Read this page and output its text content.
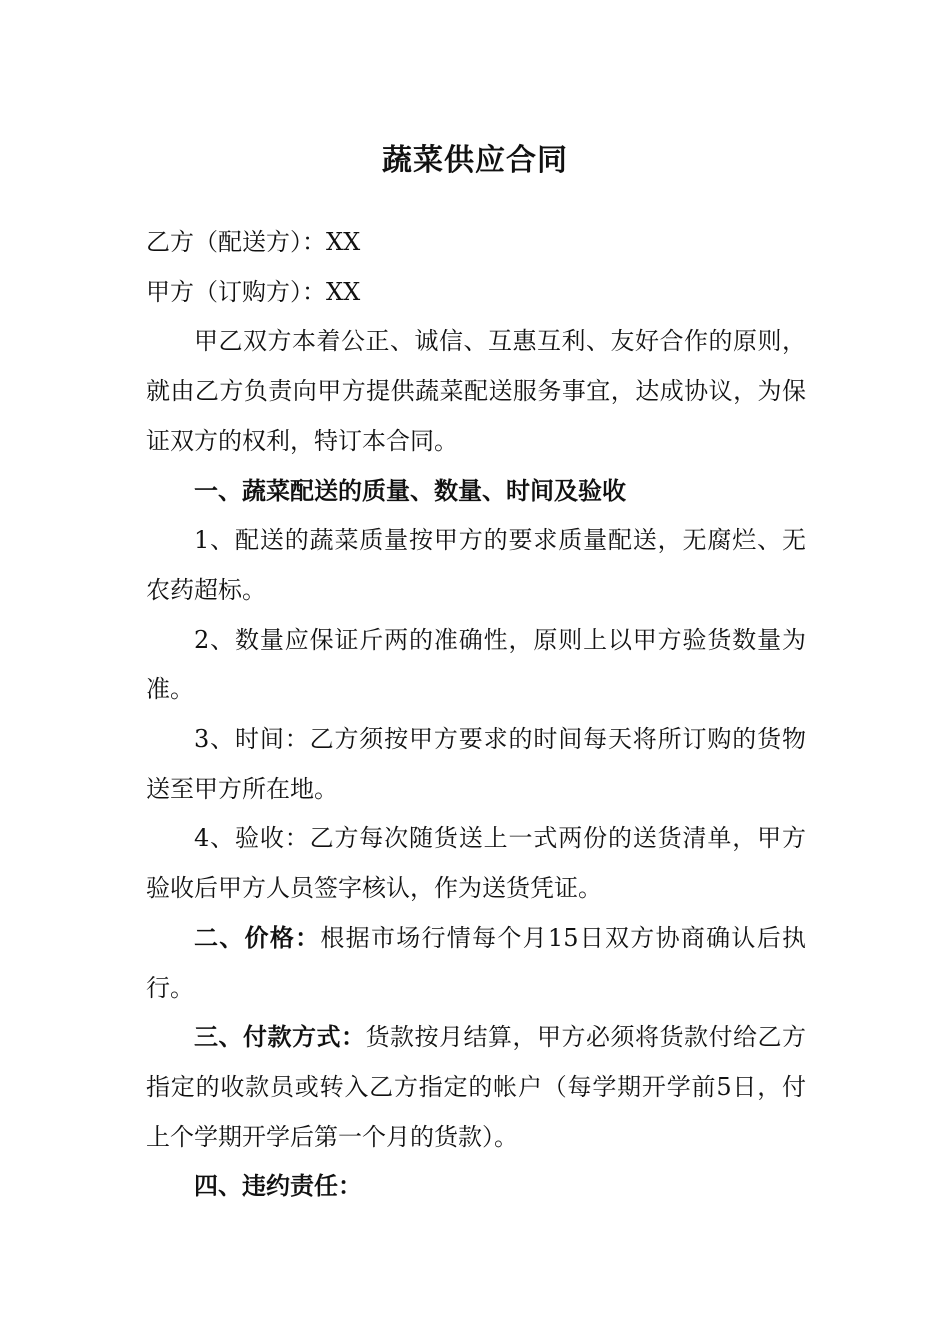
蔬菜供应合同

乙方（配送方）：XX

甲方（订购方）：XX

甲乙双方本着公正、诚信、互惠互利、友好合作的原则，就由乙方负责向甲方提供蔬菜配送服务事宜，达成协议，为保证双方的权利，特订本合同。

一、蔬菜配送的质量、数量、时间及验收

1、配送的蔬菜质量按甲方的要求质量配送，无腐烂、无农药超标。

2、数量应保证斤两的准确性，原则上以甲方验货数量为准。

3、时间：乙方须按甲方要求的时间每天将所订购的货物送至甲方所在地。

4、验收：乙方每次随货送上一式两份的送货清单，甲方验收后甲方人员签字核认，作为送货凭证。

二、价格：根据市场行情每个月15日双方协商确认后执行。

三、付款方式：货款按月结算，甲方必须将货款付给乙方指定的收款员或转入乙方指定的帐户（每学期开学前5日，付上个学期开学后第一个月的货款）。

四、违约责任：
